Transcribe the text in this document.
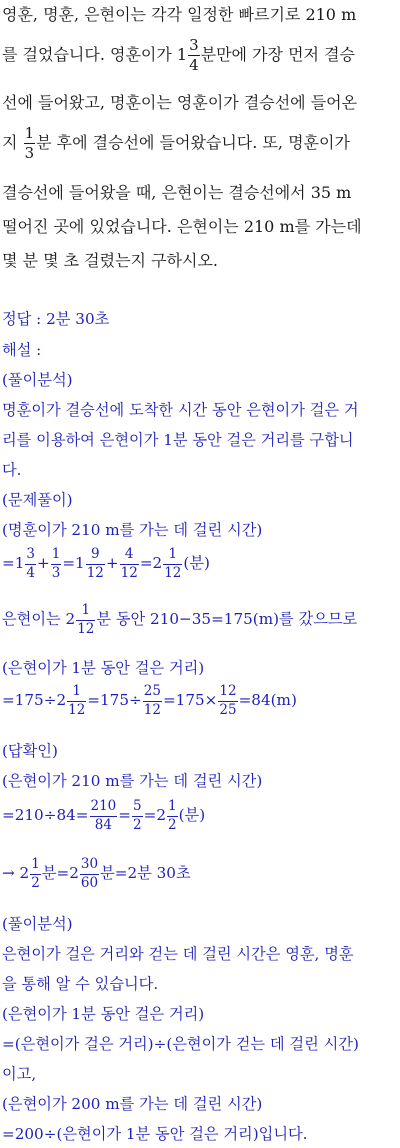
영훈, 명훈, 은현이는 각각 일정한 빠르기로 210 m
를 걸었습니다. 영훈이가 $1 \frac{3}{4}$ 분만에 가장 먼저 결승
선에 들어왔고, 명훈이는 영훈이가 결승선에 들어온
지 $\frac{1}{3}$ 분 후에 결승선에 들어왔습니다. 또, 명훈이가
결승선에 들어왔을 때, 은현이는 결승선에서 35 m
떨어진 곳에 있었습니다. 은현이는 210 m를 가는데
몇 분 몇 초 걸렸는지 구하시오.
정답 : 2분 30초
해설 :
(풀이분석)
명훈이가 결승선에 도착한 시간 동안 은현이가 걸은 거
리를 이용하여 은현이가 1분 동안 걸은 거리를 구합니
다.
(문제풀이)
(명훈이가 210 m를 가는 데 걸린 시간)
$=1 \frac{3}{4} + \frac{1}{3} =1 \frac{9}{12} + \frac{4}{12} =2 \frac{1}{12}$ (분)
은현이는 $2 \frac{1}{12}$ 분 동안 210−35=175(m)를 갔으므로
(은현이가 1분 동안 걸은 거리)
$=175\div 2 \frac{1}{12} =175\div \frac{25}{12} =175\times \frac{12}{25} =84(m)$
(답확인)
(은현이가 210 m를 가는 데 걸린 시간)
$=210\div 84= \frac{210}{84} = \frac{5}{2} =2 \frac{1}{2}$ (분)
→ $2 \frac{1}{2}$ 분$=2 \frac{30}{60}$ 분=2분 30초
(풀이분석)
은현이가 걸은 거리와 걷는 데 걸린 시간은 영훈, 명훈
을 통해 알 수 있습니다.
(은현이가 1분 동안 걸은 거리)
=(은현이가 걸은 거리)÷(은현이가 걷는 데 걸린 시간)
이고,
(은현이가 200 m를 가는 데 걸린 시간)
=200÷(은현이가 1분 동안 걸은 거리)입니다.
